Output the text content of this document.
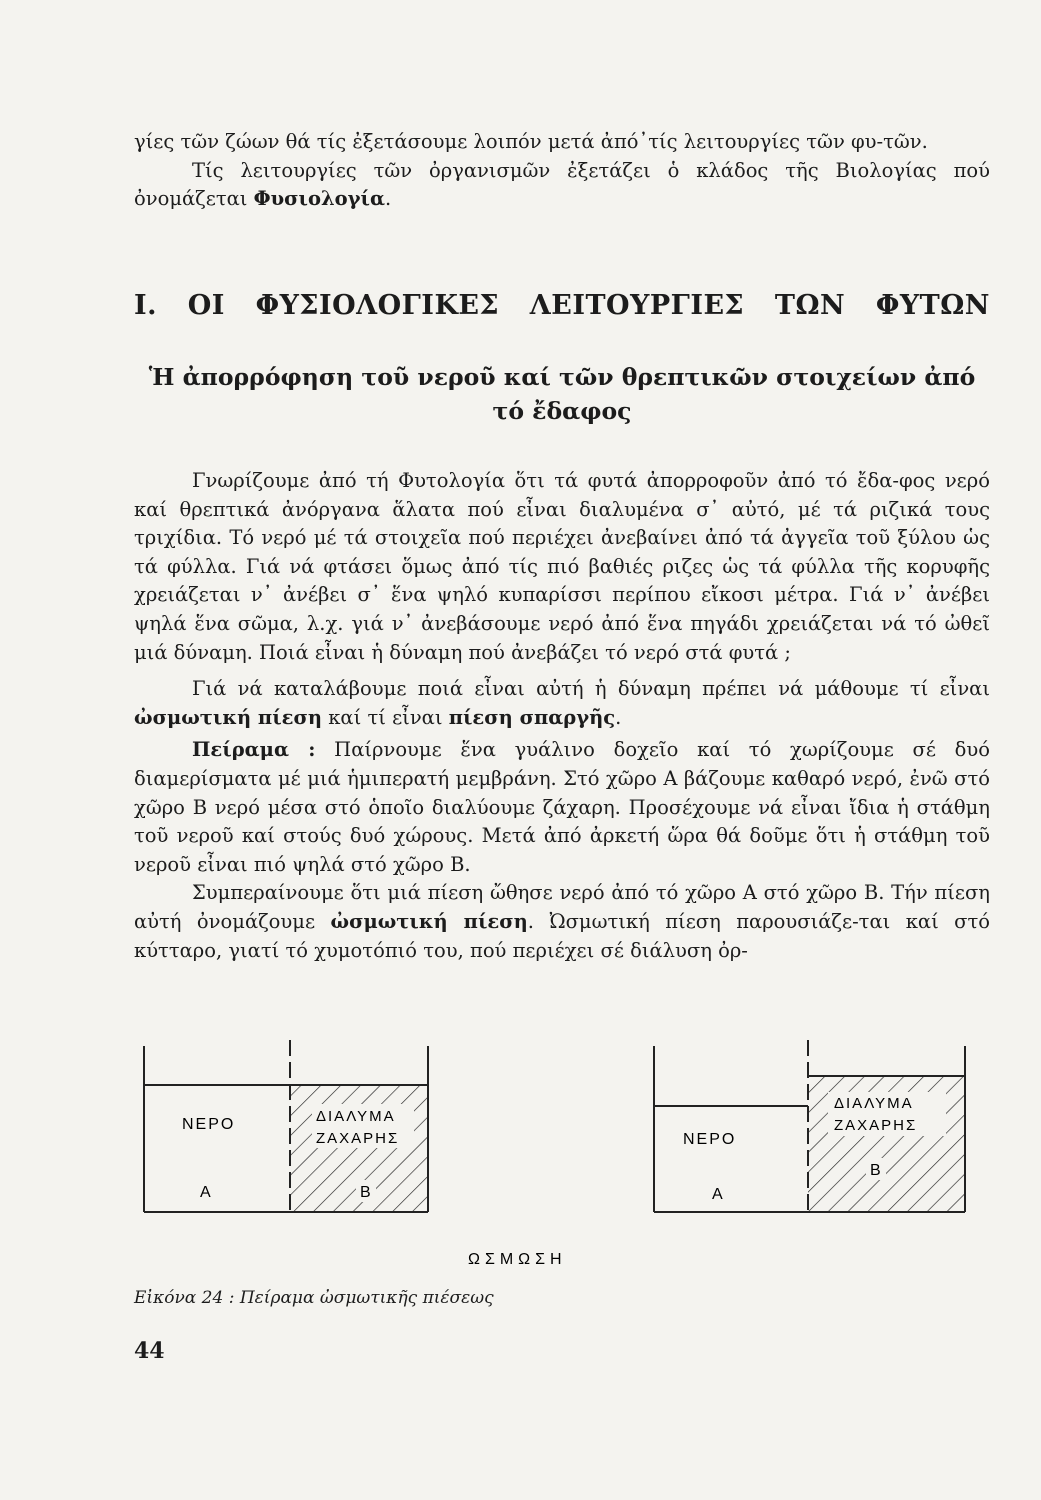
γίες τῶν ζώων θά τίς ἐξετάσουμε λοιπόν μετά ἀπό᾽τίς λειτουργίες τῶν φυ-τῶν.

Τίς λειτουργίες τῶν ὀργανισμῶν ἐξετάζει ὁ κλάδος τῆς Βιολογίας πού ὀνομάζεται Φυσιολογία.

I. ΟΙ ΦΥΣΙΟΛΟΓΙΚΕΣ ΛΕΙΤΟΥΡΓΙΕΣ ΤΩΝ ΦΥΤΩΝ
Ἡ ἀπορρόφηση τοῦ νεροῦ καί τῶν θρεπτικῶν στοιχείων ἀπό τό ἔδαφος

Γνωρίζουμε ἀπό τή Φυτολογία ὅτι τά φυτά ἀπορροφοῦν ἀπό τό ἔδα-φος νερό καί θρεπτικά ἀνόργανα ἅλατα πού εἶναι διαλυμένα σ᾽ αὐτό, μέ τά ριζικά τους τριχίδια. Τό νερό μέ τά στοιχεῖα πού περιέχει ἀνεβαίνει ἀπό τά ἀγγεῖα τοῦ ξύλου ὡς τά φύλλα. Γιά νά φτάσει ὅμως ἀπό τίς πιό βαθιές ριζες ὡς τά φύλλα τῆς κορυφῆς χρειάζεται ν᾽ ἀνέβει σ᾽ ἕνα ψηλό κυπαρίσσι περίπου εἴκοσι μέτρα. Γιά ν᾽ ἀνέβει ψηλά ἕνα σῶμα, λ.χ. γιά ν᾽ ἀνεβάσουμε νερό ἀπό ἕνα πηγάδι χρειάζεται νά τό ὠθεῖ μιά δύναμη. Ποιά εἶναι ἡ δύναμη πού ἀνεβάζει τό νερό στά φυτά ;

Γιά νά καταλάβουμε ποιά εἶναι αὐτή ἡ δύναμη πρέπει νά μάθουμε τί εἶναι ὠσμωτική πίεση καί τί εἶναι πίεση σπαργῆς.

Πείραμα : Παίρνουμε ἕνα γυάλινο δοχεῖο καί τό χωρίζουμε σέ δυό διαμερίσματα μέ μιά ἡμιπερατή μεμβράνη. Στό χῶρο Α βάζουμε καθαρό νερό, ἐνῶ στό χῶρο Β νερό μέσα στό ὁποῖο διαλύουμε ζάχαρη. Προσέχουμε νά εἶναι ἴδια ἡ στάθμη τοῦ νεροῦ καί στούς δυό χώρους. Μετά ἀπό ἀρκετή ὥρα θά δοῦμε ὅτι ἡ στάθμη τοῦ νεροῦ εἶναι πιό ψηλά στό χῶρο Β.

Συμπεραίνουμε ὅτι μιά πίεση ὤθησε νερό ἀπό τό χῶρο Α στό χῶρο Β. Τήν πίεση αὐτή ὀνομάζουμε ὠσμωτική πίεση. Ὠσμωτική πίεση παρουσιάζε-ται καί στό κύτταρο, γιατί τό χυμοτόπιό του, πού περιέχει σέ διάλυση ὀρ-

ΝΕΡΟ
Α
ΔΙΑΛΥΜΑ
ΖΑΧΑΡΗΣ
Β
ΝΕΡΟ
Α
ΔΙΑΛΥΜΑ
ΖΑΧΑΡΗΣ
Β
ΩΣΜΩΣΗ
Εἰκόνα 24 : Πείραμα ὠσμωτικῆς πιέσεως
44
